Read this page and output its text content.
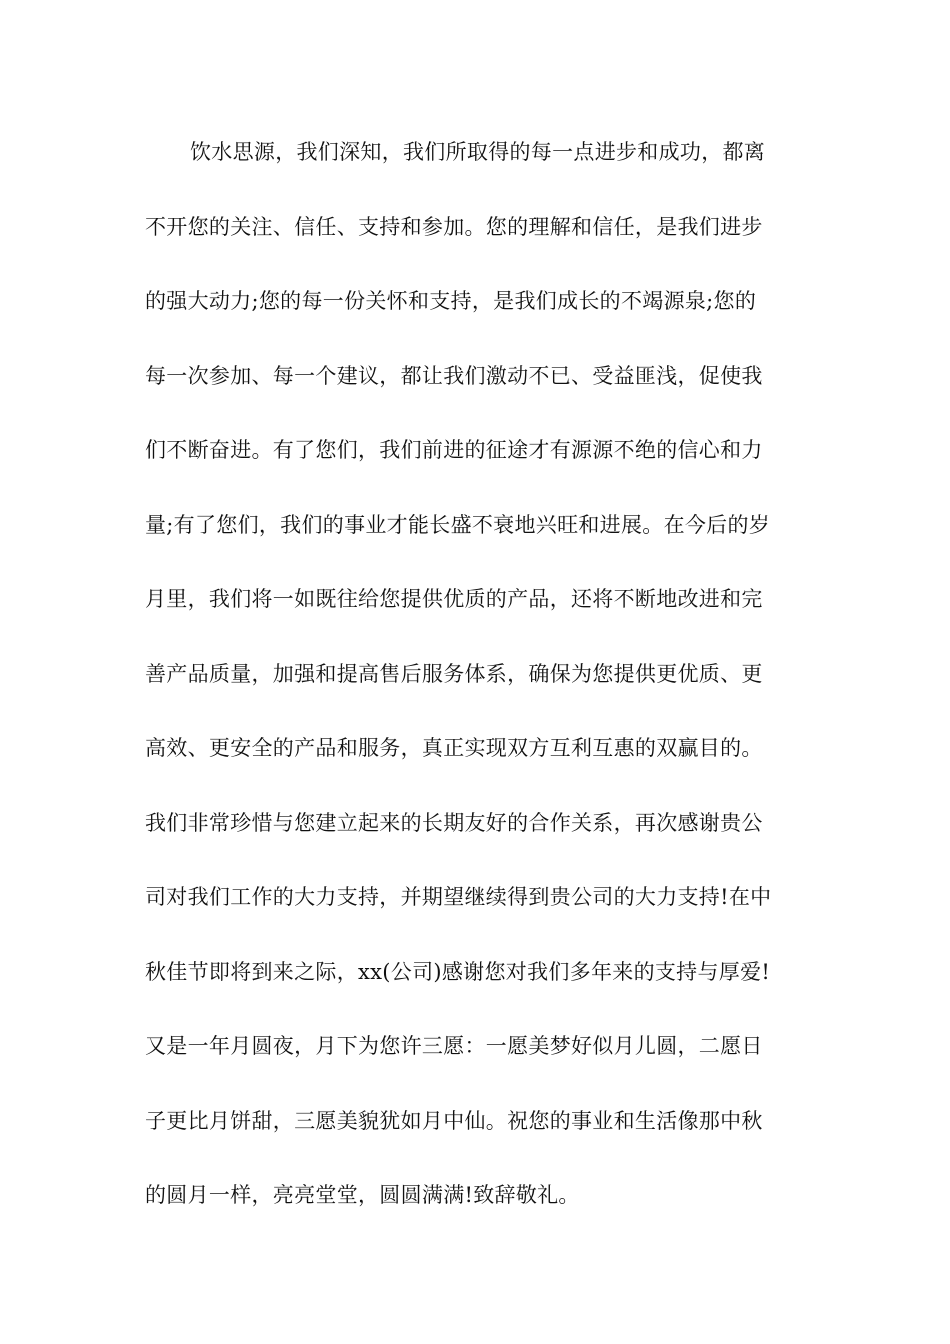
饮水思源，我们深知，我们所取得的每一点进步和成功，都离
不开您的关注、信任、支持和参加。您的理解和信任，是我们进步
的强大动力;您的每一份关怀和支持，是我们成长的不竭源泉;您的
每一次参加、每一个建议，都让我们激动不已、受益匪浅，促使我
们不断奋进。有了您们，我们前进的征途才有源源不绝的信心和力
量;有了您们，我们的事业才能长盛不衰地兴旺和进展。在今后的岁
月里，我们将一如既往给您提供优质的产品，还将不断地改进和完
善产品质量，加强和提高售后服务体系，确保为您提供更优质、更
高效、更安全的产品和服务，真正实现双方互利互惠的双赢目的。
我们非常珍惜与您建立起来的长期友好的合作关系，再次感谢贵公
司对我们工作的大力支持，并期望继续得到贵公司的大力支持!在中
秋佳节即将到来之际，xx(公司)感谢您对我们多年来的支持与厚爱!
又是一年月圆夜，月下为您许三愿：一愿美梦好似月儿圆，二愿日
子更比月饼甜，三愿美貌犹如月中仙。祝您的事业和生活像那中秋
的圆月一样，亮亮堂堂，圆圆满满!致辞敬礼。
